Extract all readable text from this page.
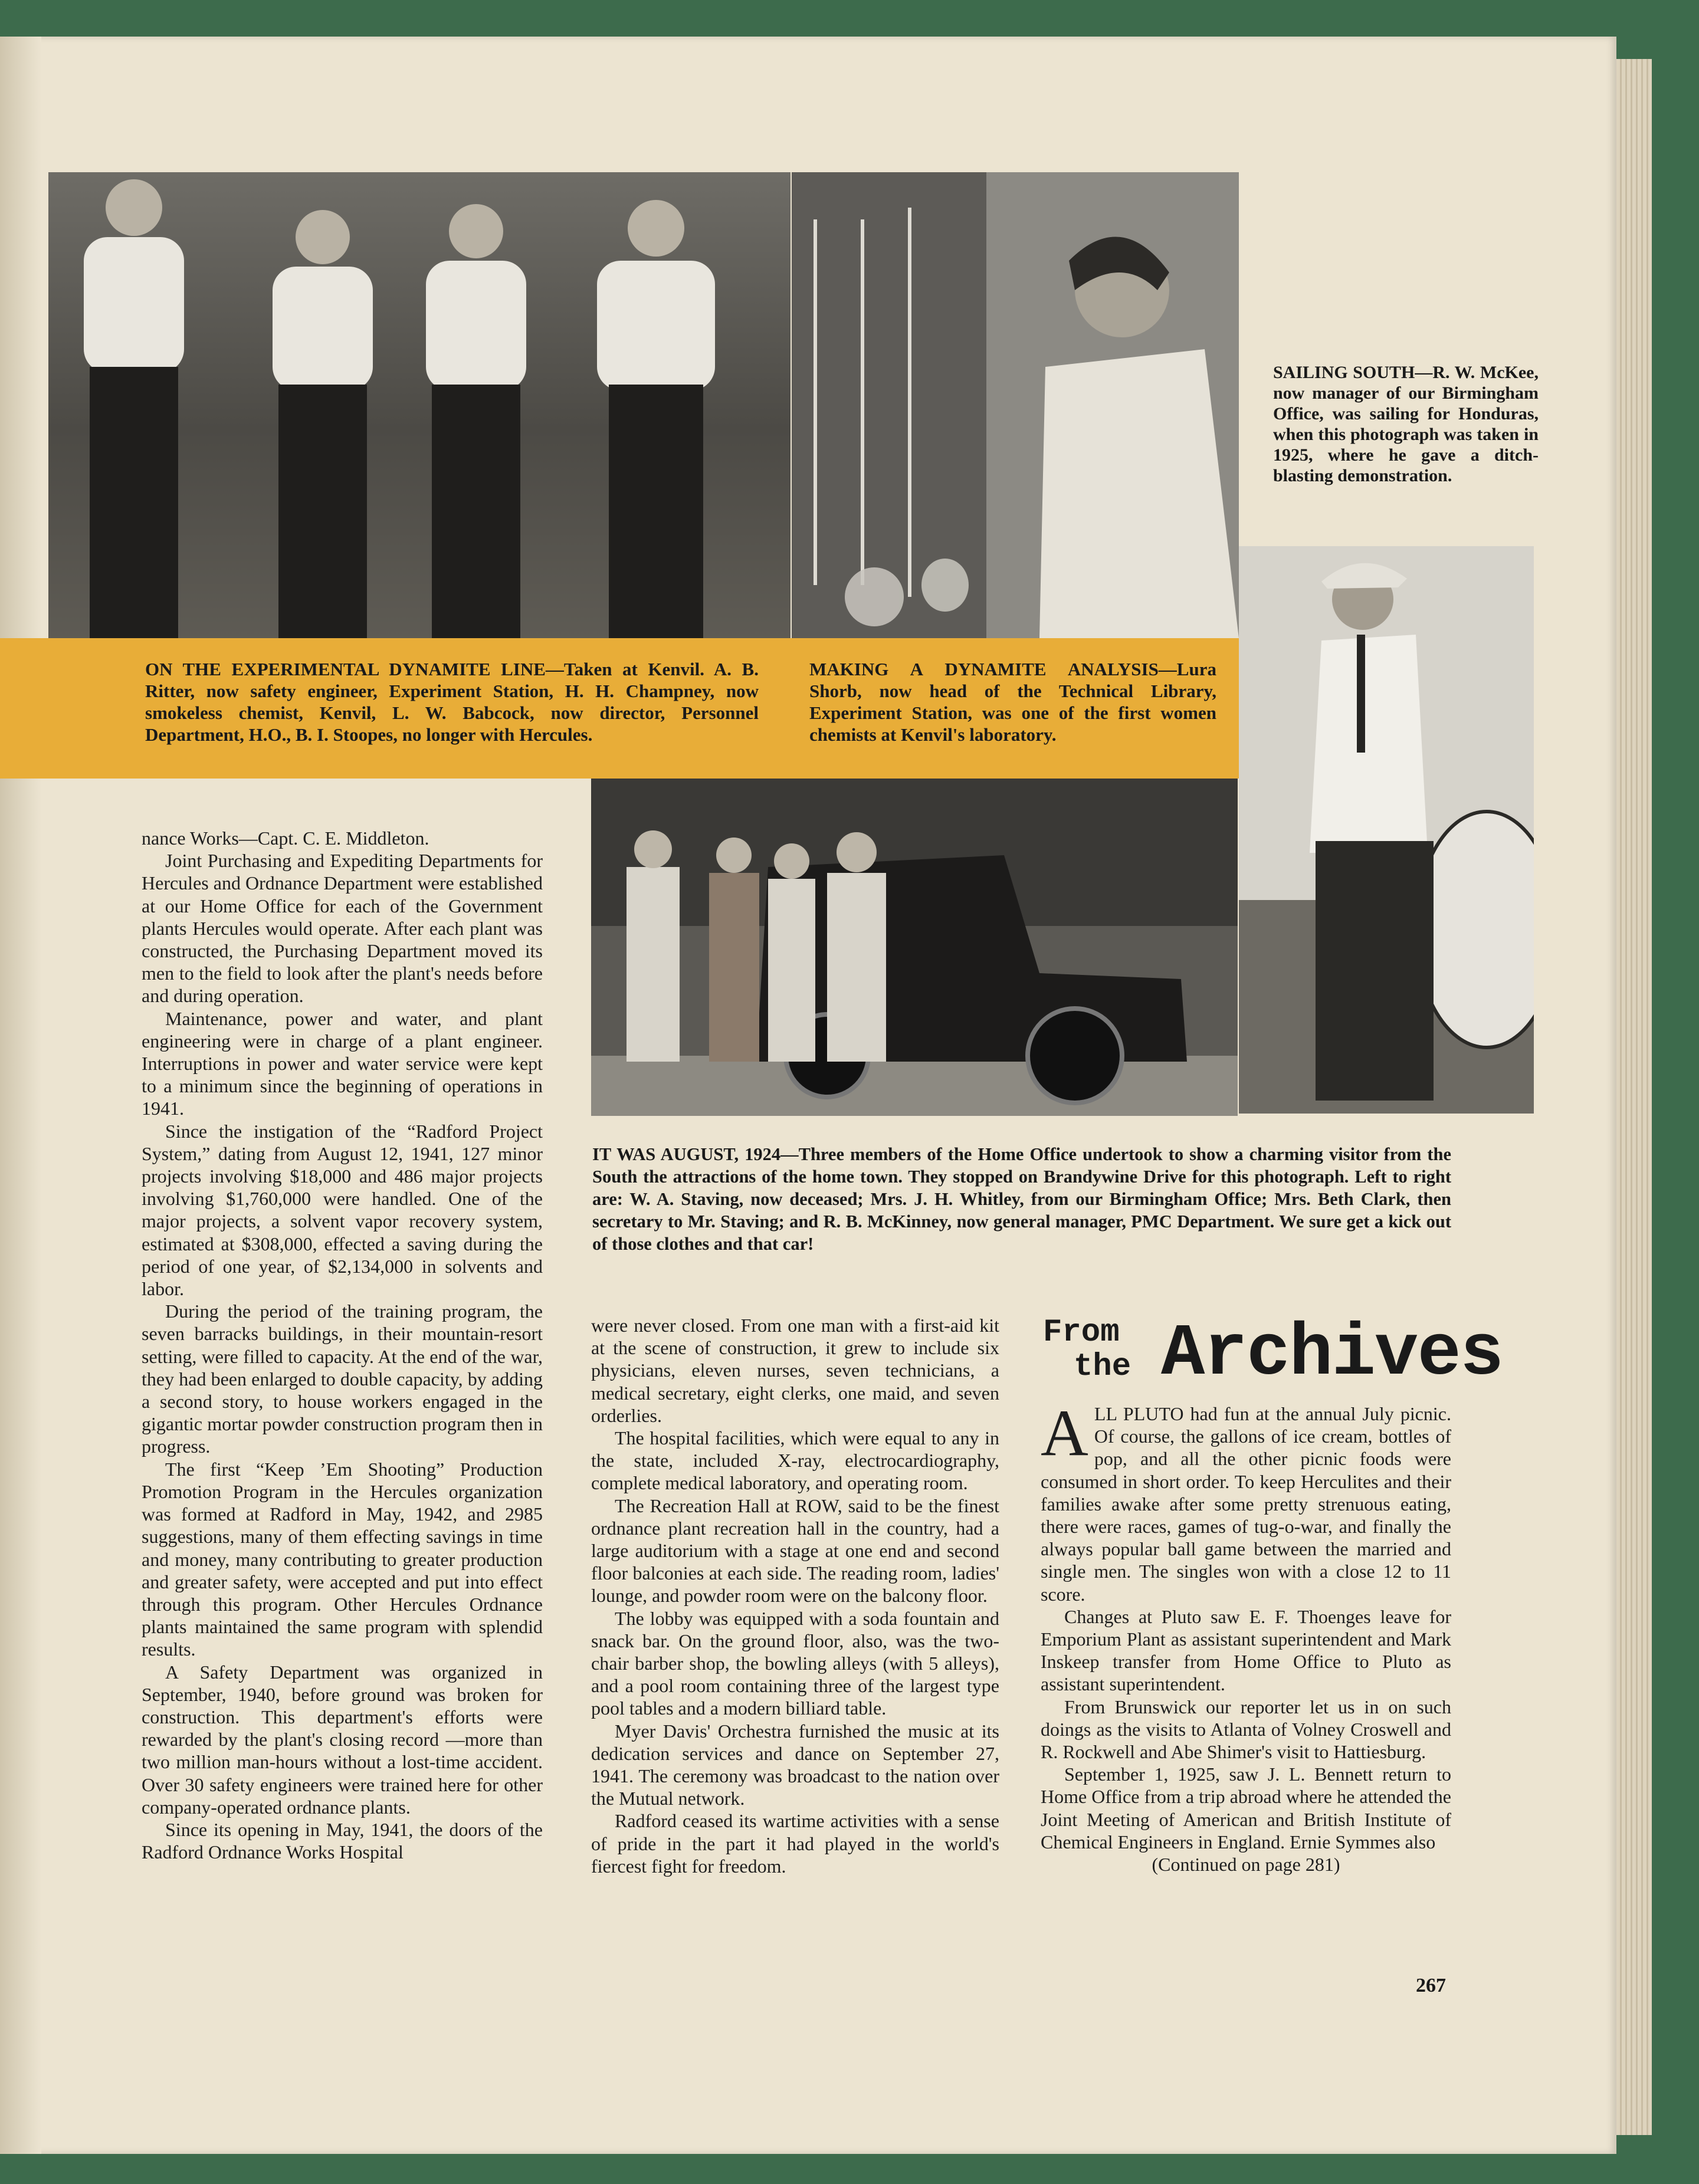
ON THE EXPERIMENTAL DYNAMITE LINE—Taken at Kenvil. A. B. Ritter, now safety engineer, Experiment Station, H. H. Champney, now smokeless chemist, Kenvil, L. W. Babcock, now director, Personnel Department, H.O., B. I. Stoopes, no longer with Hercules.
MAKING A DYNAMITE ANALYSIS—Lura Shorb, now head of the Technical Library, Experiment Station, was one of the first women chemists at Kenvil's laboratory.
SAILING SOUTH—R. W. McKee, now manager of our Birmingham Office, was sailing for Honduras, when this photograph was taken in 1925, where he gave a ditch-blasting demonstration.
IT WAS AUGUST, 1924—Three members of the Home Office undertook to show a charming visitor from the South the attractions of the home town. They stopped on Brandywine Drive for this photograph. Left to right are: W. A. Staving, now deceased; Mrs. J. H. Whitley, from our Birmingham Office; Mrs. Beth Clark, then secretary to Mr. Staving; and R. B. McKinney, now general manager, PMC Department. We sure get a kick out of those clothes and that car!

nance Works—Capt. C. E. Middleton.

Joint Purchasing and Expediting Departments for Hercules and Ordnance Department were established at our Home Office for each of the Government plants Hercules would operate. After each plant was constructed, the Purchasing Department moved its men to the field to look after the plant's needs before and during operation.

Maintenance, power and water, and plant engineering were in charge of a plant engineer. Interruptions in power and water service were kept to a minimum since the beginning of operations in 1941.

Since the instigation of the “Radford Project System,” dating from August 12, 1941, 127 minor projects involving $18,000 and 486 major projects involving $1,760,000 were handled. One of the major projects, a solvent vapor recovery system, estimated at $308,000, effected a saving during the period of one year, of $2,134,000 in solvents and labor.

During the period of the training program, the seven barracks buildings, in their mountain-resort setting, were filled to capacity. At the end of the war, they had been enlarged to double capacity, by adding a second story, to house workers engaged in the gigantic mortar powder construction program then in progress.

The first “Keep ’Em Shooting” Production Promotion Program in the Hercules organization was formed at Radford in May, 1942, and 2985 suggestions, many of them effecting savings in time and money, many contributing to greater production and greater safety, were accepted and put into effect through this program. Other Hercules Ordnance plants maintained the same program with splendid results.

A Safety Department was organized in September, 1940, before ground was broken for construction. This department's efforts were rewarded by the plant's closing record —more than two million man-hours without a lost-time accident. Over 30 safety engineers were trained here for other company-operated ordnance plants.

Since its opening in May, 1941, the doors of the Radford Ordnance Works Hospital

were never closed. From one man with a first-aid kit at the scene of construction, it grew to include six physicians, eleven nurses, seven technicians, a medical secretary, eight clerks, one maid, and seven orderlies.

The hospital facilities, which were equal to any in the state, included X-ray, electrocardiography, complete medical laboratory, and operating room.

The Recreation Hall at ROW, said to be the finest ordnance plant recreation hall in the country, had a large auditorium with a stage at one end and second floor balconies at each side. The reading room, ladies' lounge, and powder room were on the balcony floor.

The lobby was equipped with a soda fountain and snack bar. On the ground floor, also, was the two-chair barber shop, the bowling alleys (with 5 alleys), and a pool room containing three of the largest type pool tables and a modern billiard table.

Myer Davis' Orchestra furnished the music at its dedication services and dance on September 27, 1941. The ceremony was broadcast to the nation over the Mutual network.

Radford ceased its wartime activities with a sense of pride in the part it had played in the world's fiercest fight for freedom.

From
the Archives

ALL PLUTO had fun at the annual July picnic. Of course, the gallons of ice cream, bottles of pop, and all the other picnic foods were consumed in short order. To keep Herculites and their families awake after some pretty strenuous eating, there were races, games of tug-o-war, and finally the always popular ball game between the married and single men. The singles won with a close 12 to 11 score.

Changes at Pluto saw E. F. Thoenges leave for Emporium Plant as assistant superintendent and Mark Inskeep transfer from Home Office to Pluto as assistant superintendent.

From Brunswick our reporter let us in on such doings as the visits to Atlanta of Volney Croswell and R. Rockwell and Abe Shimer's visit to Hattiesburg.

September 1, 1925, saw J. L. Bennett return to Home Office from a trip abroad where he attended the Joint Meeting of American and British Institute of Chemical Engineers in England. Ernie Symmes also

(Continued on page 281)

267
